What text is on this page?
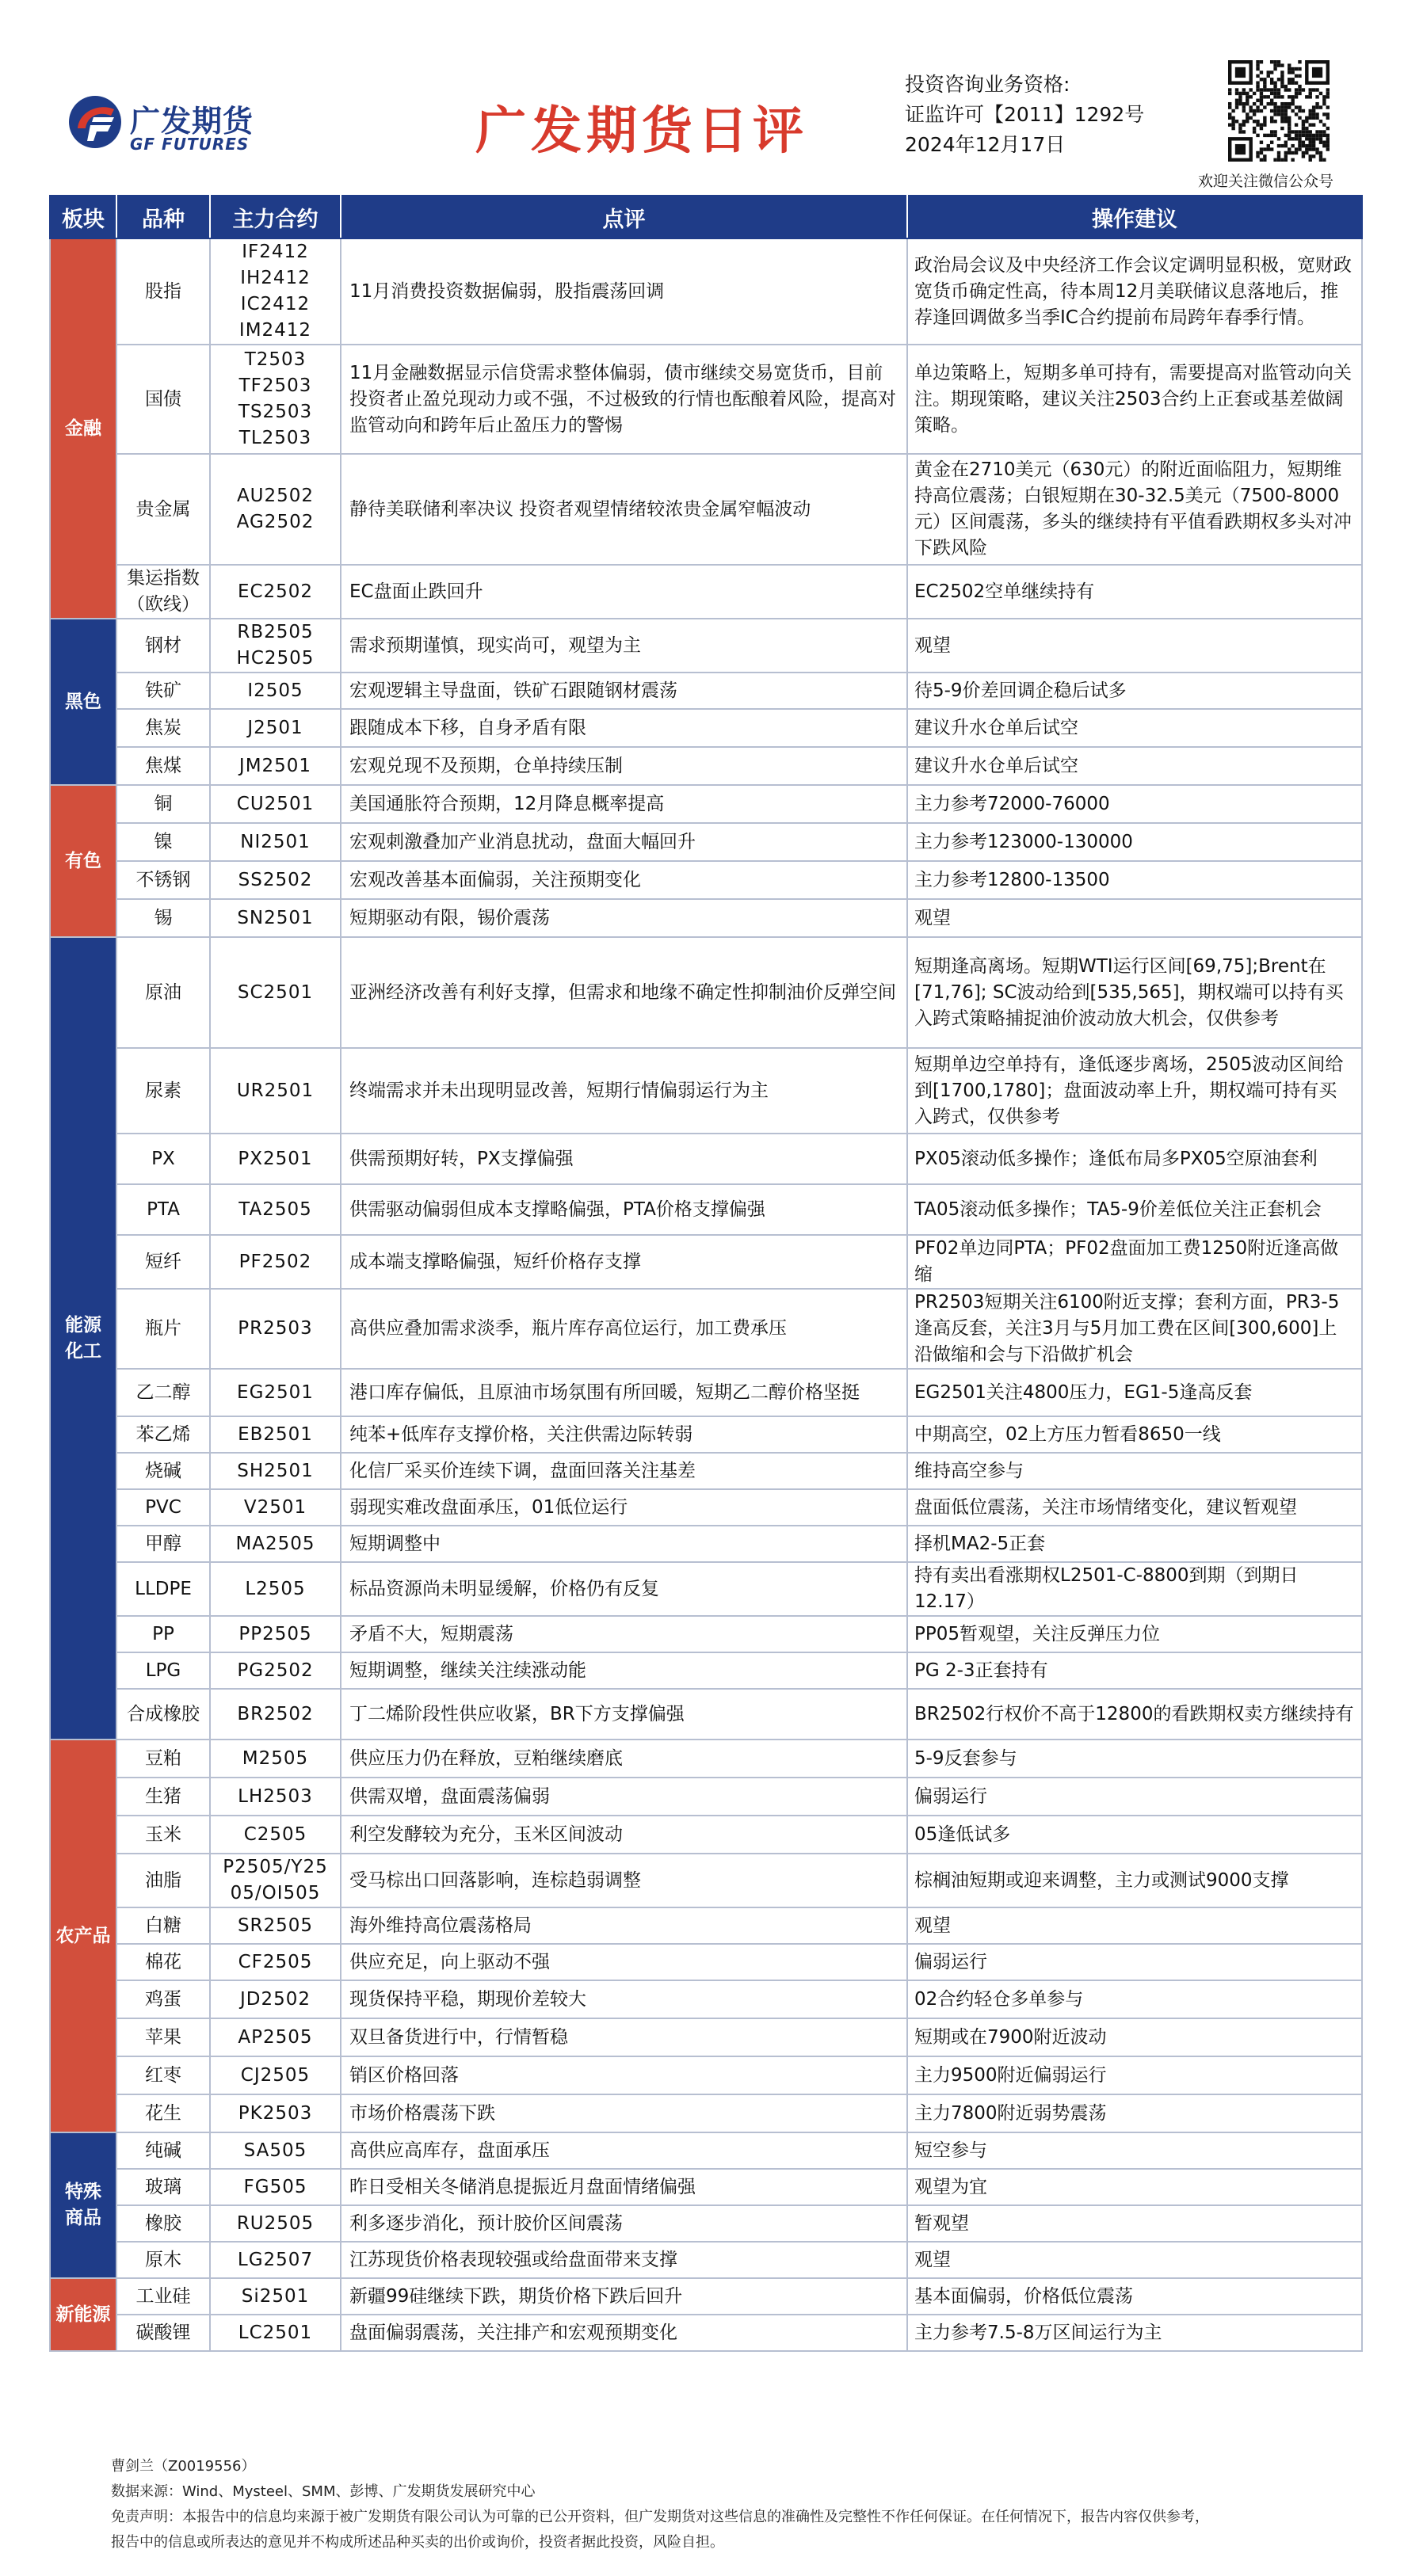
广发期货
GF FUTURES	广发期货日评
投资咨询业务资格:
证监许可【2011】1292号
2024年12月17日
欢迎关注微信公众号
板块	品种	主力合约	点评	操作建议
金融	股指	IF2412
IH2412
IC2412
IM2412	11月消费投资数据偏弱，股指震荡回调	政治局会议及中央经济工作会议定调明显积极，宽财政宽货币确定性高，待本周12月美联储议息落地后，推荐逢回调做多当季IC合约提前布局跨年春季行情。

	国债	T2503
TF2503
TS2503
TL2503	11月金融数据显示信贷需求整体偏弱，债市继续交易宽货币，目前投资者止盈兑现动力或不强，不过极致的行情也酝酿着风险，提高对监管动向和跨年后止盈压力的警惕	单边策略上，短期多单可持有，需要提高对监管动向关注。期现策略，建议关注2503合约上正套或基差做阔策略。

	贵金属	AU2502
AG2502	静待美联储利率决议 投资者观望情绪较浓贵金属窄幅波动	黄金在2710美元（630元）的附近面临阻力，短期维持高位震荡；白银短期在30-32.5美元（7500-8000元）区间震荡，多头的继续持有平值看跌期权多头对冲下跌风险

	集运指数
（欧线）	EC2502	EC盘面止跌回升	EC2502空单继续持有
黑色	钢材	RB2505
HC2505	需求预期谨慎，现实尚可，观望为主	观望

	铁矿	I2505	宏观逻辑主导盘面，铁矿石跟随钢材震荡	待5-9价差回调企稳后试多

	焦炭	J2501	跟随成本下移，自身矛盾有限	建议升水仓单后试空

	焦煤	JM2501	宏观兑现不及预期，仓单持续压制	建议升水仓单后试空
有色	铜	CU2501	美国通胀符合预期，12月降息概率提高	主力参考72000-76000

	镍	NI2501	宏观刺激叠加产业消息扰动，盘面大幅回升	主力参考123000-130000

	不锈钢	SS2502	宏观改善基本面偏弱，关注预期变化	主力参考12800-13500

	锡	SN2501	短期驱动有限，锡价震荡	观望
能源
化工	原油	SC2501	亚洲经济改善有利好支撑，但需求和地缘不确定性抑制油价反弹空间	短期逢高离场。短期WTI运行区间[69,75];Brent在[71,76]; SC波动给到[535,565]，期权端可以持有买入跨式策略捕捉油价波动放大机会，仅供参考

	尿素	UR2501	终端需求并未出现明显改善，短期行情偏弱运行为主	短期单边空单持有，逢低逐步离场，2505波动区间给到[1700,1780]；盘面波动率上升，期权端可持有买入跨式，仅供参考

	PX	PX2501	供需预期好转，PX支撑偏强	PX05滚动低多操作；逢低布局多PX05空原油套利

	PTA	TA2505	供需驱动偏弱但成本支撑略偏强，PTA价格支撑偏强	TA05滚动低多操作；TA5-9价差低位关注正套机会

	短纤	PF2502	成本端支撑略偏强，短纤价格存支撑	PF02单边同PTA；PF02盘面加工费1250附近逢高做缩

	瓶片	PR2503	高供应叠加需求淡季，瓶片库存高位运行，加工费承压	PR2503短期关注6100附近支撑；套利方面，PR3-5逢高反套，关注3月与5月加工费在区间[300,600]上沿做缩和会与下沿做扩机会

	乙二醇	EG2501	港口库存偏低，且原油市场氛围有所回暖，短期乙二醇价格坚挺	EG2501关注4800压力，EG1-5逢高反套

	苯乙烯	EB2501	纯苯+低库存支撑价格，关注供需边际转弱	中期高空，02上方压力暂看8650一线

	烧碱	SH2501	化信厂采买价连续下调，盘面回落关注基差	维持高空参与

	PVC	V2501	弱现实难改盘面承压，01低位运行	盘面低位震荡，关注市场情绪变化，建议暂观望

	甲醇	MA2505	短期调整中	择机MA2-5正套

	LLDPE	L2505	标品资源尚未明显缓解，价格仍有反复	持有卖出看涨期权L2501-C-8800到期（到期日12.17）

	PP	PP2505	矛盾不大，短期震荡	PP05暂观望，关注反弹压力位

	LPG	PG2502	短期调整，继续关注续涨动能	PG 2-3正套持有

	合成橡胶	BR2502	丁二烯阶段性供应收紧，BR下方支撑偏强	BR2502行权价不高于12800的看跌期权卖方继续持有
农产品	豆粕	M2505	供应压力仍在释放，豆粕继续磨底	5-9反套参与

	生猪	LH2503	供需双增，盘面震荡偏弱	偏弱运行

	玉米	C2505	利空发酵较为充分，玉米区间波动	05逢低试多

	油脂	P2505/Y25
05/OI505	受马棕出口回落影响，连棕趋弱调整	棕榈油短期或迎来调整，主力或测试9000支撑

	白糖	SR2505	海外维持高位震荡格局	观望

	棉花	CF2505	供应充足，向上驱动不强	偏弱运行

	鸡蛋	JD2502	现货保持平稳，期现价差较大	02合约轻仓多单参与

	苹果	AP2505	双旦备货进行中，行情暂稳	短期或在7900附近波动

	红枣	CJ2505	销区价格回落	主力9500附近偏弱运行

	花生	PK2503	市场价格震荡下跌	主力7800附近弱势震荡
特殊
商品	纯碱	SA505	高供应高库存，盘面承压	短空参与

	玻璃	FG505	昨日受相关冬储消息提振近月盘面情绪偏强	观望为宜

	橡胶	RU2505	利多逐步消化，预计胶价区间震荡	暂观望

	原木	LG2507	江苏现货价格表现较强或给盘面带来支撑	观望
新能源	工业硅	Si2501	新疆99硅继续下跌，期货价格下跌后回升	基本面偏弱，价格低位震荡

	碳酸锂	LC2501	盘面偏弱震荡，关注排产和宏观预期变化	主力参考7.5-8万区间运行为主
曹剑兰（Z0019556）
数据来源：Wind、Mysteel、SMM、彭博、广发期货发展研究中心
免责声明：本报告中的信息均来源于被广发期货有限公司认为可靠的已公开资料，但广发期货对这些信息的准确性及完整性不作任何保证。在任何情况下，报告内容仅供参考，
报告中的信息或所表达的意见并不构成所述品种买卖的出价或询价，投资者据此投资，风险自担。
